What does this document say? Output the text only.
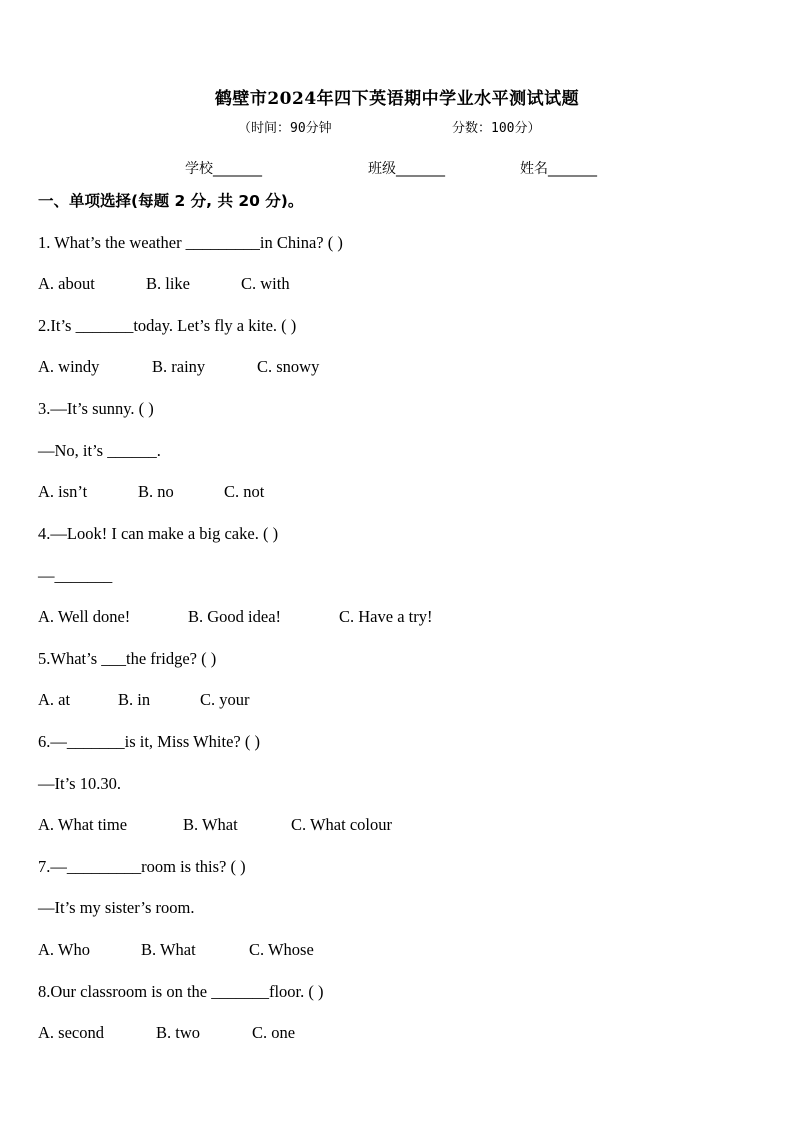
鹤壁市2024年四下英语期中学业水平测试试题
（时间：90分钟	分数：100分）
学校_______	班级_______	姓名_______
一、单项选择(每题 2 分, 共 20 分)。
1. What’s the weather _________in China? ( )
A. about	B. like	C. with
2.It’s _______today. Let’s fly a kite. ( )
A. windy	B. rainy	C. snowy
3.—It’s sunny. ( )
—No, it’s ______.
A. isn’t	B. no	C. not
4.—Look! I can make a big cake. ( )
—_______
A. Well done!	B. Good idea!	C. Have a try!
5.What’s ___the fridge? ( )
A. at	B. in	C. your
6.—_______is it, Miss White? ( )
—It’s 10.30.
A. What time	B. What	C. What colour
7.—_________room is this? ( )
—It’s my sister’s room.
A. Who	B. What	C. Whose
8.Our classroom is on the _______floor. ( )
A. second	B. two	C. one
